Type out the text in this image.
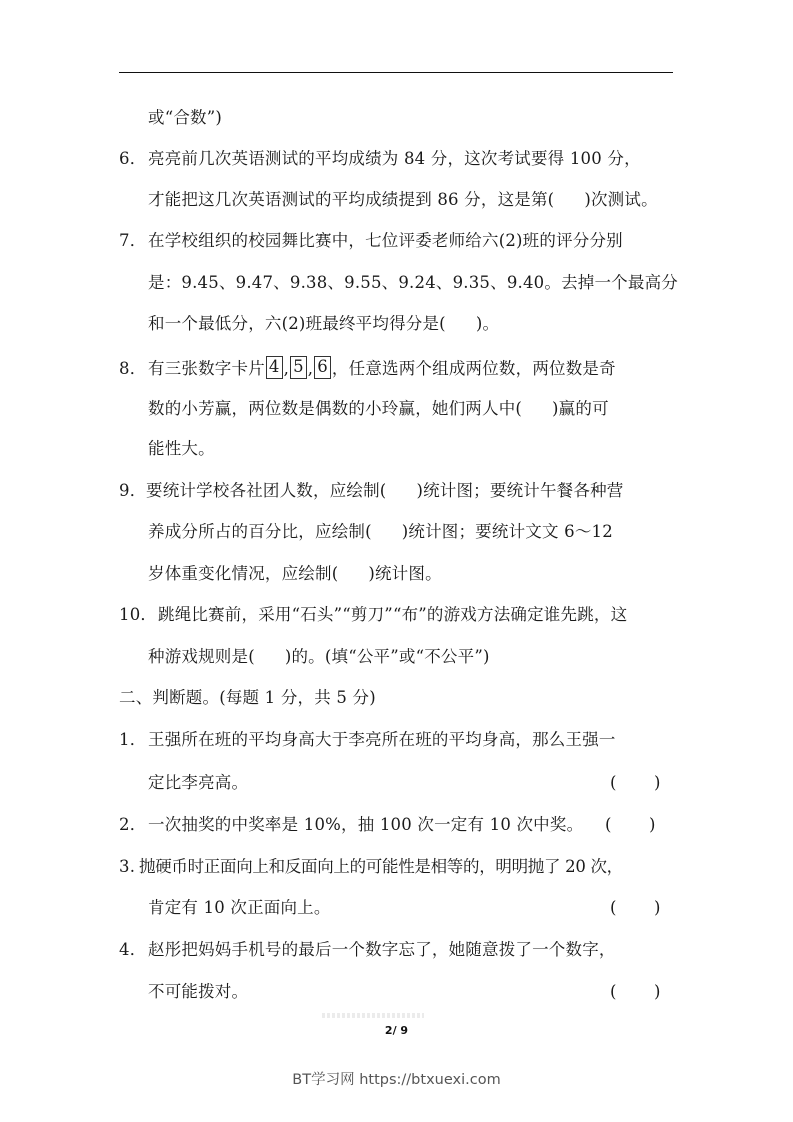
或“合数”)
6． 亮亮前几次英语测试的平均成绩为 84 分，这次考试要得 100 分，
才能把这几次英语测试的平均成绩提到 86 分，这是第( )次测试。
7． 在学校组织的校园舞比赛中，七位评委老师给六(2)班的评分分别
是：9.45、9.47、9.38、9.55、9.24、9.35、9.40。去掉一个最高分
和一个最低分，六(2)班最终平均得分是( )。
8． 有三张数字卡片 4 , 5 , 6 ，任意选两个组成两位数，两位数是奇
数的小芳赢，两位数是偶数的小玲赢，她们两人中( )赢的可
能性大。
9． 要统计学校各社团人数，应绘制( )统计图；要统计午餐各种营
养成分所占的百分比，应绘制( )统计图；要统计文文 6～12
岁体重变化情况，应绘制( )统计图。
10． 跳绳比赛前，采用“石头”“剪刀”“布”的游戏方法确定谁先跳，这
种游戏规则是( )的。(填“公平”或“不公平”)
二、判断题。(每题 1 分，共 5 分)
1． 王强所在班的平均身高大于李亮所在班的平均身高，那么王强一
定比李亮高。	( )
2． 一次抽奖的中奖率是 10%，抽 100 次一定有 10 次中奖。 ( )
3. 抛硬币时正面向上和反面向上的可能性是相等的，明明抛了 20 次，
肯定有 10 次正面向上。	( )
4． 赵彤把妈妈手机号的最后一个数字忘了，她随意拨了一个数字，
不可能拨对。	( )
2/ 9
BT学习网 https://btxuexi.com
